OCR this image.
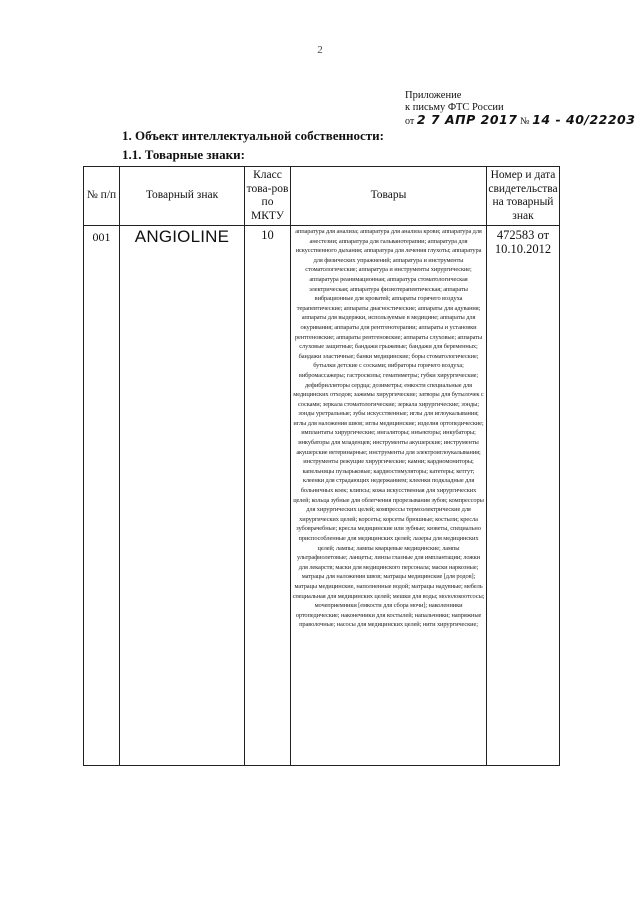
2
Приложение
к письму ФТС России
от 2 7 АПР 2017 № 14 - 40/22203
1. Объект интеллектуальной собственности:
1.1. Товарные знаки:
№ п/п	Товарный знак	Класс това-ров по МКТУ	Товары	Номер и дата свидетельства на товарный знак
001	ANGIOLINE	10	аппаратура для анализа; аппаратура для анализа крови; аппаратура для анестезии; аппаратура для гальванотерапии; аппаратура для искусственного дыхания; аппаратура для лечения глухоты; аппаратура для физических упражнений; аппаратура и инструменты стоматологические; аппаратура и инструменты хирургические; аппаратура реанимационная; аппаратура стоматологическая электрическая; аппаратура физиотерапевтическая; аппараты вибрационные для кроватей; аппараты горячего воздуха терапевтические; аппараты диагностические; аппараты для адувания; аппараты для выдержки, используемые в медицине; аппараты для окуривания; аппараты для рентгенотерапии; аппараты и установки рентгеновские; аппараты рентгеновские; аппараты слуховые; аппараты слуховые защитные; бандажи грыжевые; бандажи для беременных; бандажи эластичные; банки медицинские; боры стоматологические; бутылки детские с сосками; вибраторы горячего воздуха; вибромассажеры; гастроскопы; гематиметры; губки хирургические; дефибрилляторы сердца; дозиметры; емкости специальные для медицинских отходов; зажимы хирургические; затворы для бутылочек с сосками; зеркала стоматологические; зеркала хирургические; зонды; зонды уретральные; зубы искусственные; иглы для иглоукалывания; иглы для наложения швов; иглы медицинские; изделия ортопедические; имплантаты хирургические; ингаляторы; инъекторы; инкубаторы; инкубаторы для младенцев; инструменты акушерские; инструменты акушерские ветеринарные; инструменты для электроиглоукалывания; инструменты режущие хирургические; камни; кардиомониторы; капельницы пузырьковые; кардиостимуляторы; катетеры; кетгут; клеенки для страдающих недержанием; клеенки подкладные для больничных коек; клипсы; кожа искусственная для хирургических целей; кольца зубные для облегчения прорезывания зубов; компрессоры для хирургических целей; компрессы термоэлектрические для хирургических целей; корсеты; корсеты брюшные; костыли; кресла зубоврачебные; кресла медицинские или зубные; кюветы, специально приспособленные для медицинских целей; лазеры для медицинских целей; лампы; лампы кварцевые медицинские; лампы ультрафиолетовые; ланцеты; линзы глазные для имплантации; ложки для лекарств; маски для медицинского персонала; маски наркозные; матрацы для наложения швов; матрацы медицинские [для родов]; матрацы медицинские, наполненные водой; матрацы надувные; мебель специальная для медицинских целей; мешки для воды; мололокоотсосы; мочеприемники [емкости для сбора мочи]; наколенники ортопедические; наконечники для костылей; напальчники; напряжные праволочные; насосы для медицинских целей; нити хирургические;	472583 от 10.10.2012
